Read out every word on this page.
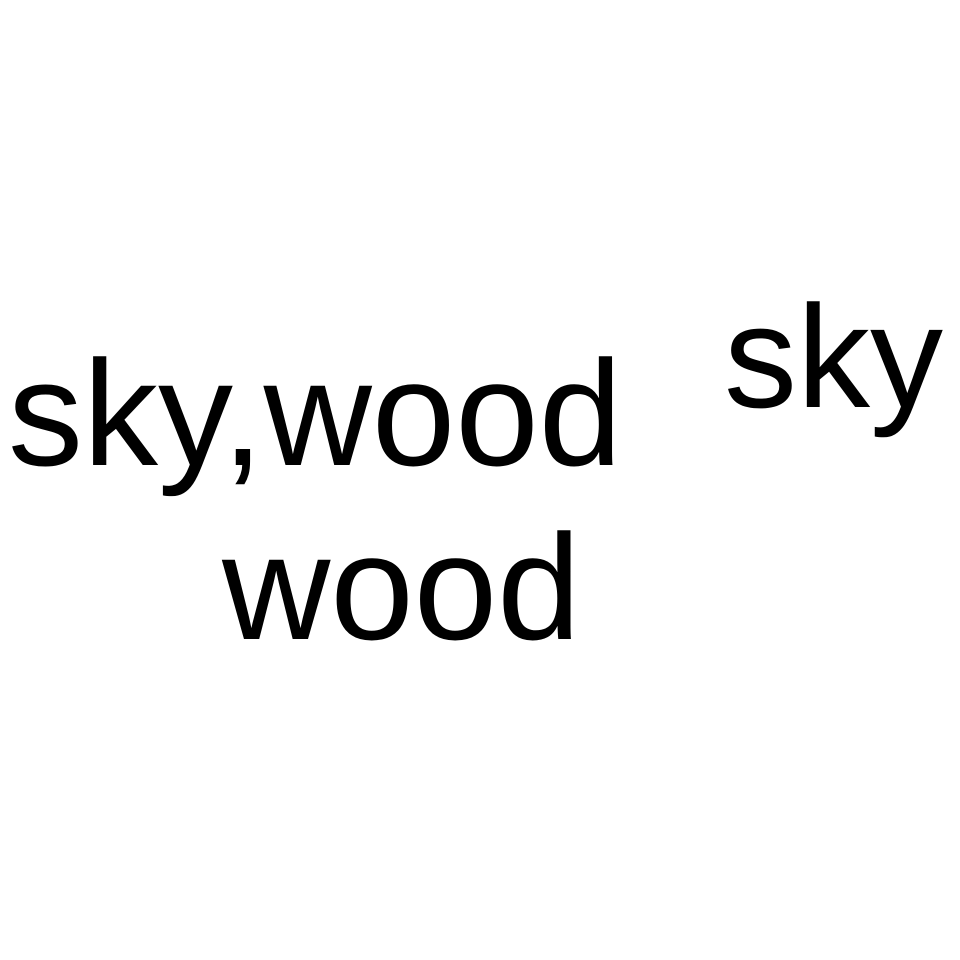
sky,wood
wood
sky
